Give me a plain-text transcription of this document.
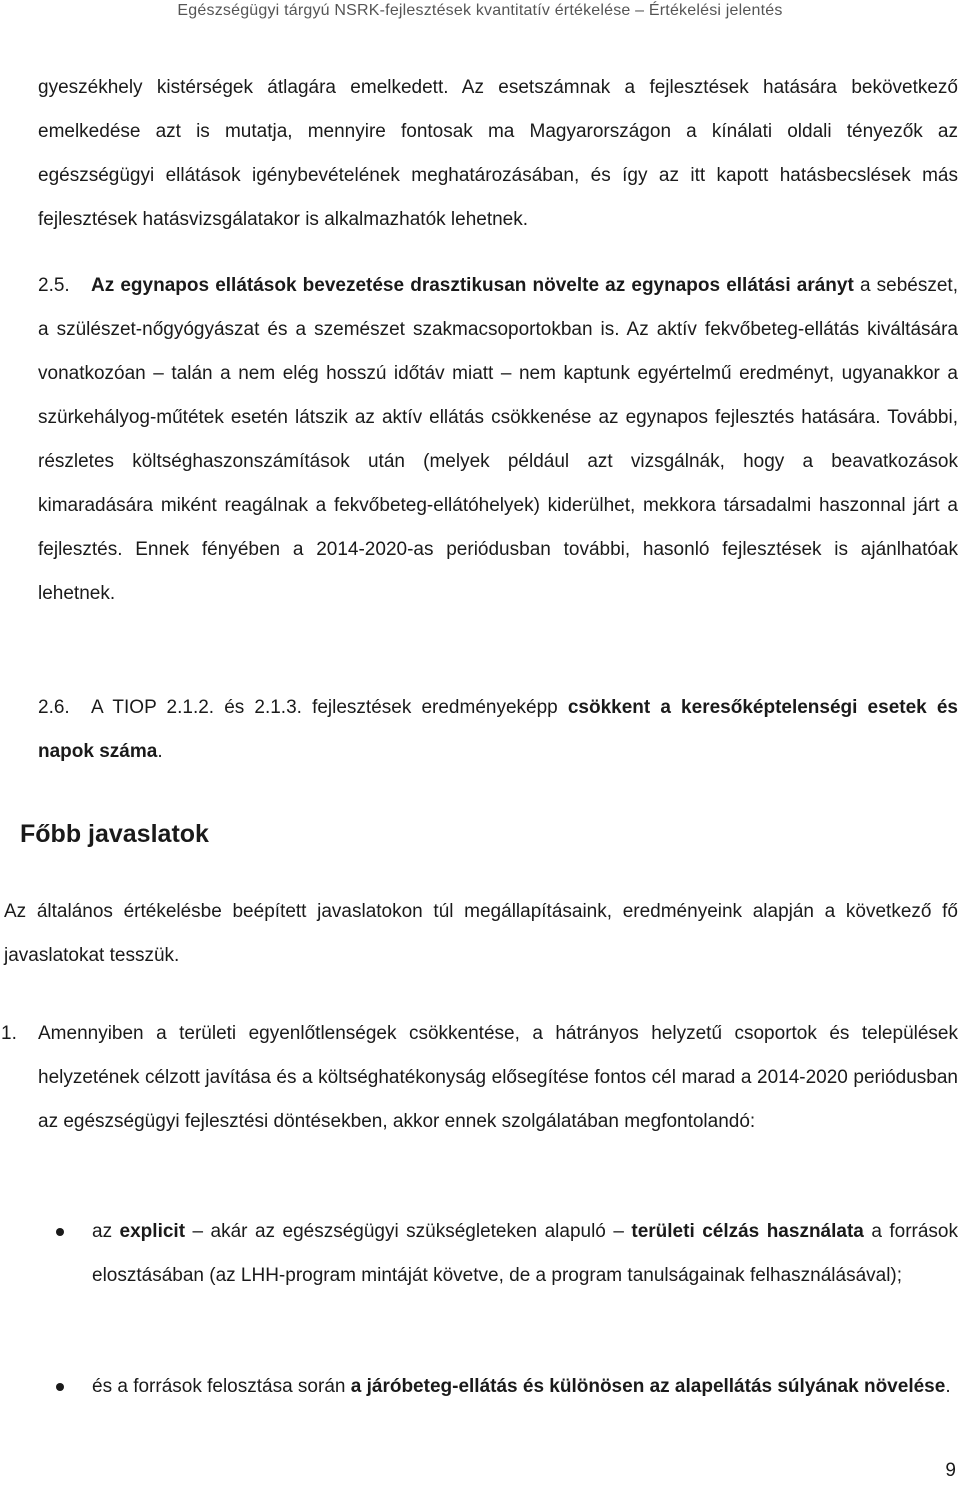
Egészségügyi tárgyú NSRK-fejlesztések kvantitatív értékelése – Értékelési jelentés
gyeszékhely kistérségek átlagára emelkedett. Az esetszámnak a fejlesztések hatására bekövetkező emelkedése azt is mutatja, mennyire fontosak ma Magyarországon a kínálati oldali tényezők az egészségügyi ellátások igénybevételének meghatározásában, és így az itt kapott hatásbecslések más fejlesztések hatásvizsgálatakor is alkalmazhatók lehetnek.
2.5. Az egynapos ellátások bevezetése drasztikusan növelte az egynapos ellátási arányt a sebészet, a szülészet-nőgyógyászat és a szemészet szakmacsoportokban is. Az aktív fekvőbeteg-ellátás kiváltására vonatkozóan – talán a nem elég hosszú időtáv miatt – nem kaptunk egyértelmű eredményt, ugyanakkor a szürkehályog-műtétek esetén látszik az aktív ellátás csökkenése az egynapos fejlesztés hatására. További, részletes költséghaszonszámítások után (melyek például azt vizsgálnák, hogy a beavatkozások kimaradására miként reagálnak a fekvőbeteg-ellátóhelyek) kiderülhet, mekkora társadalmi haszonnal járt a fejlesztés. Ennek fényében a 2014-2020-as periódusban további, hasonló fejlesztések is ajánlhatóak lehetnek.
2.6. A TIOP 2.1.2. és 2.1.3. fejlesztések eredményeképp csökkent a keresőképtelenségi esetek és napok száma.
Főbb javaslatok
Az általános értékelésbe beépített javaslatokon túl megállapításaink, eredményeink alapján a következő fő javaslatokat tesszük.
1. Amennyiben a területi egyenlőtlenségek csökkentése, a hátrányos helyzetű csoportok és települések helyzetének célzott javítása és a költséghatékonyság elősegítése fontos cél marad a 2014-2020 periódusban az egészségügyi fejlesztési döntésekben, akkor ennek szolgálatában megfontolandó:
az explicit – akár az egészségügyi szükségleteken alapuló – területi célzás használata a források elosztásában (az LHH-program mintáját követve, de a program tanulságainak felhasználásával);
és a források felosztása során a járóbeteg-ellátás és különösen az alapellátás súlyának növelése.
9
